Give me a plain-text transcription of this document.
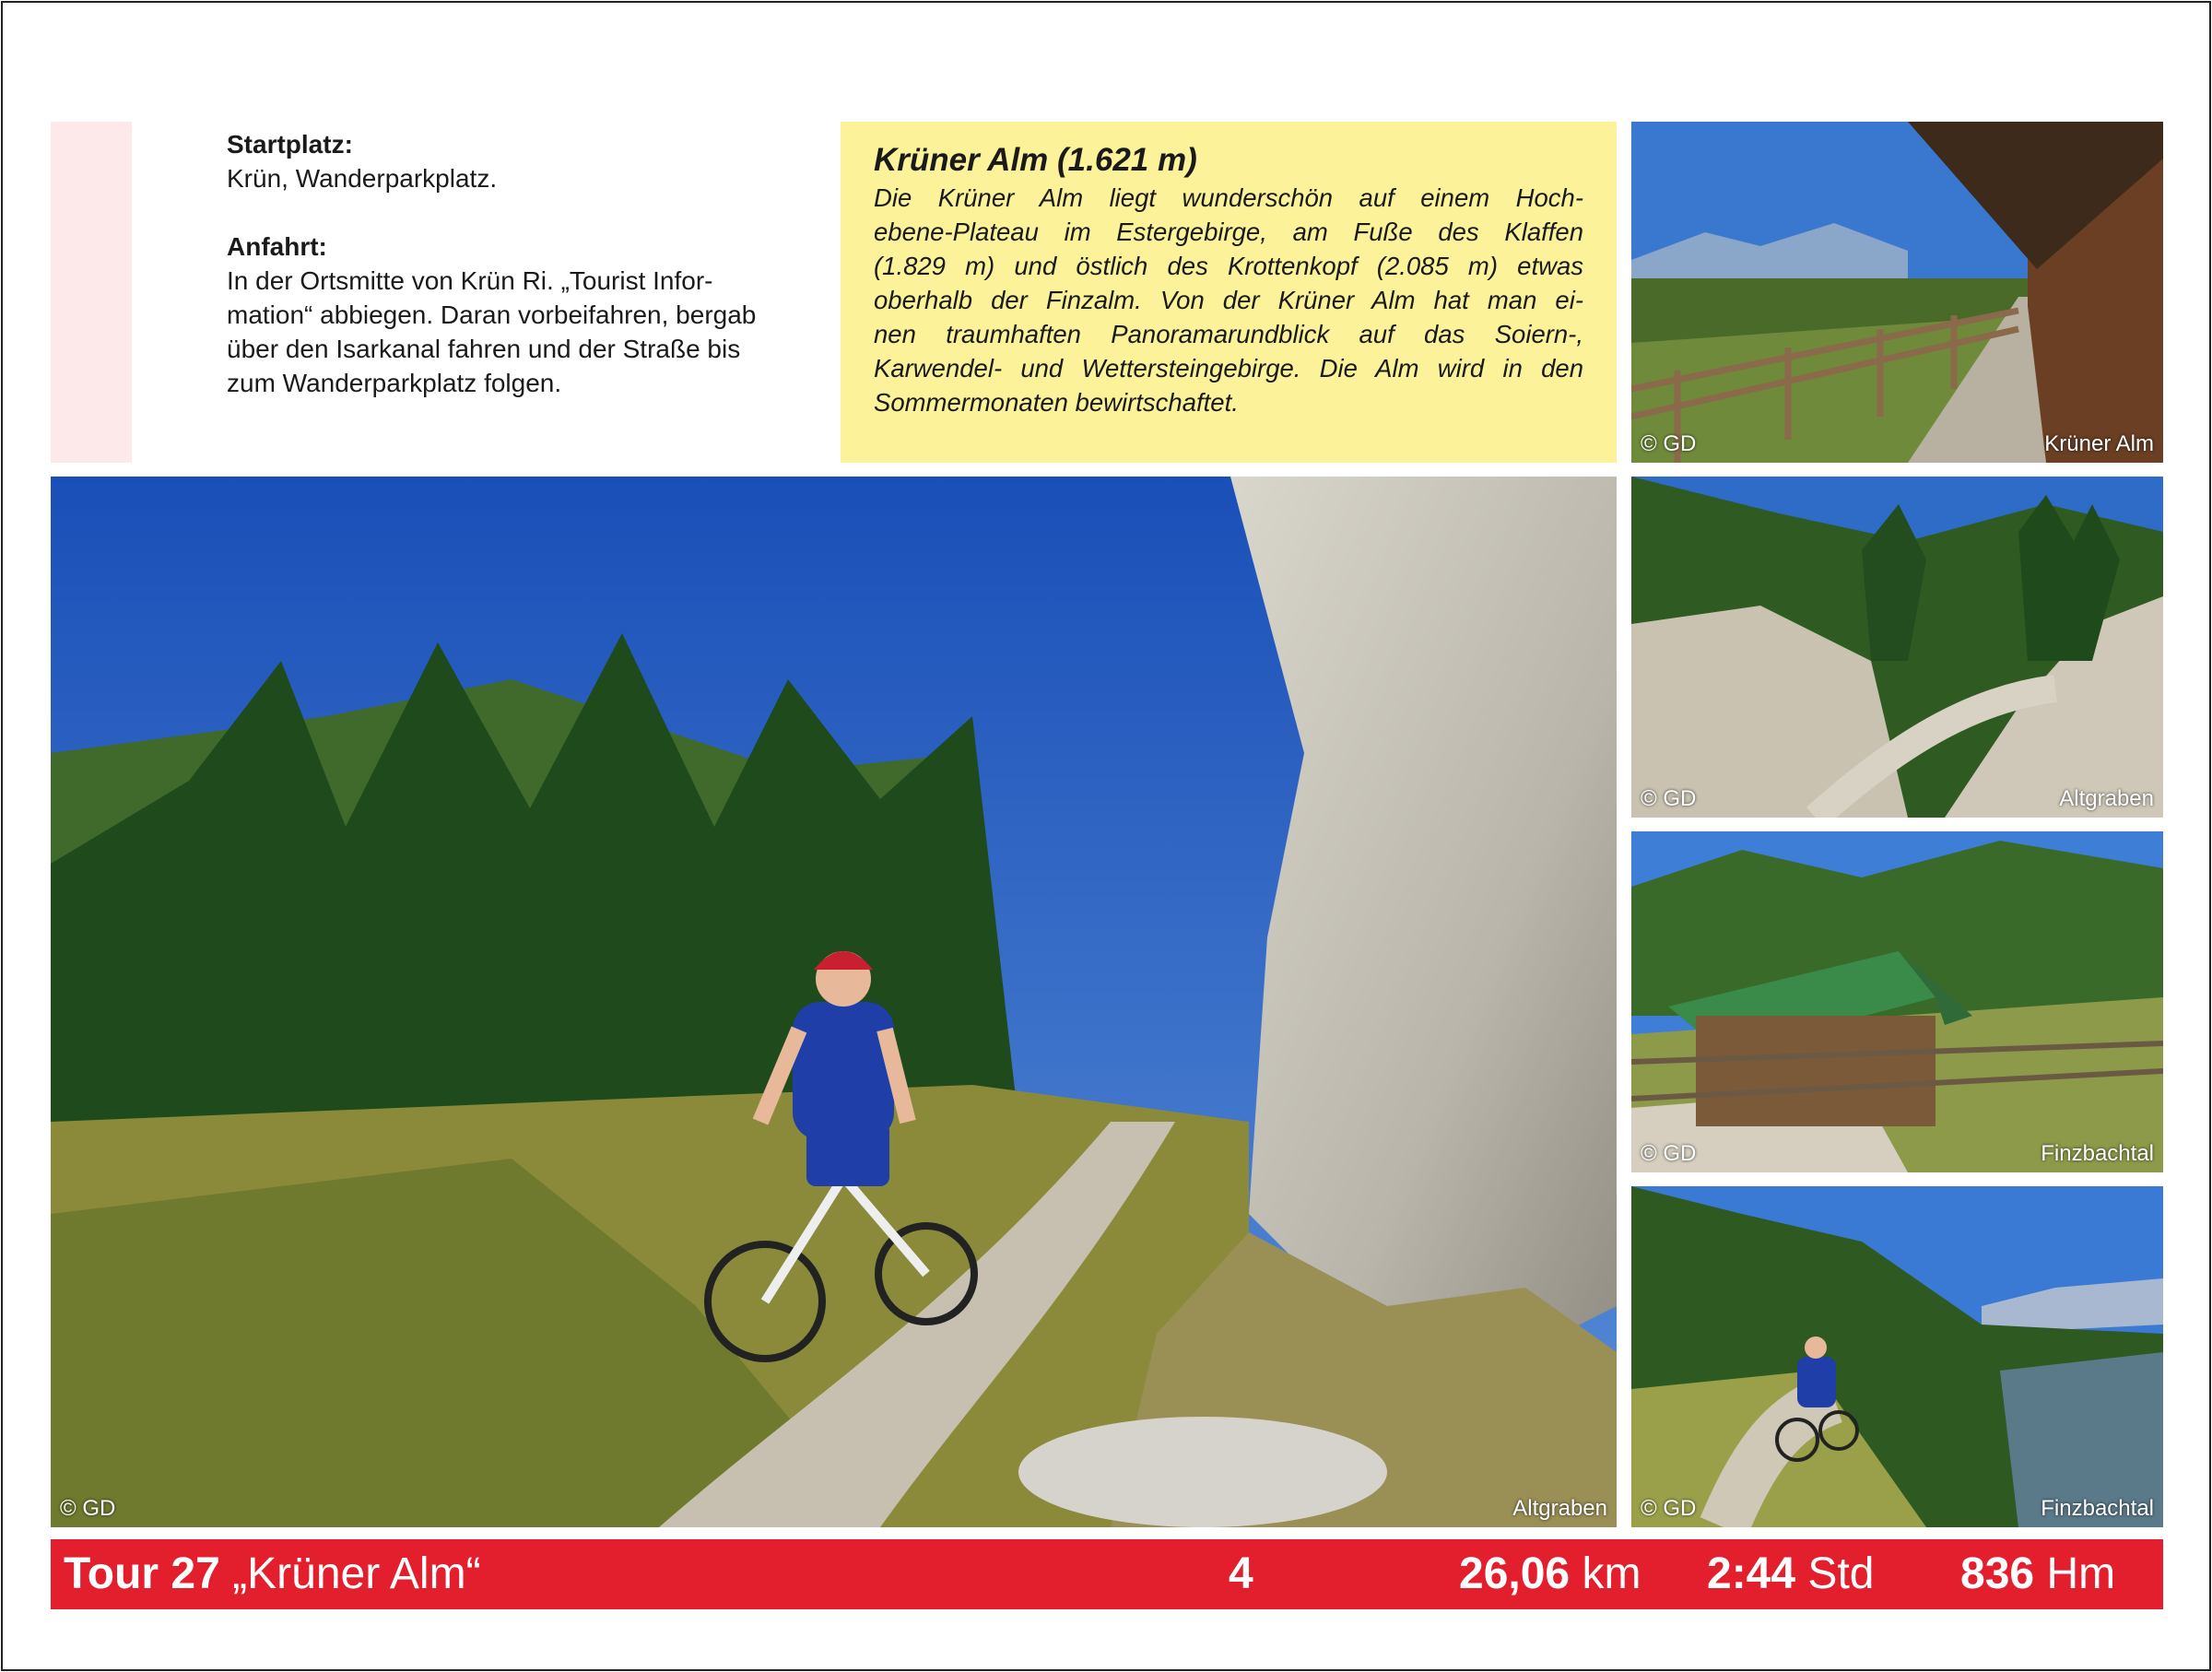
Startplatz:
Krün, Wanderparkplatz.
Anfahrt:
In der Ortsmitte von Krün Ri. „Tourist Infor-
mation“ abbiegen. Daran vorbeifahren, bergab
über den Isarkanal fahren und der Straße bis
zum Wanderparkplatz folgen.
Krüner Alm (1.621 m)
Die Krüner Alm liegt wunderschön auf einem Hoch-
ebene-Plateau im Estergebirge, am Fuße des Klaffen
(1.829 m) und östlich des Krottenkopf (2.085 m) etwas
oberhalb der Finzalm. Von der Krüner Alm hat man ei-
nen traumhaften Panoramarundblick auf das Soiern-,
Karwendel- und Wettersteingebirge. Die Alm wird in den
Sommermonaten bewirtschaftet.
© GD	Altgraben
© GD	Krüner Alm
© GD	Altgraben
© GD	Finzbachtal
© GD	Finzbachtal
Tour 27 „Krüner Alm“	4	26,06 km 2:44 Std 836 Hm
